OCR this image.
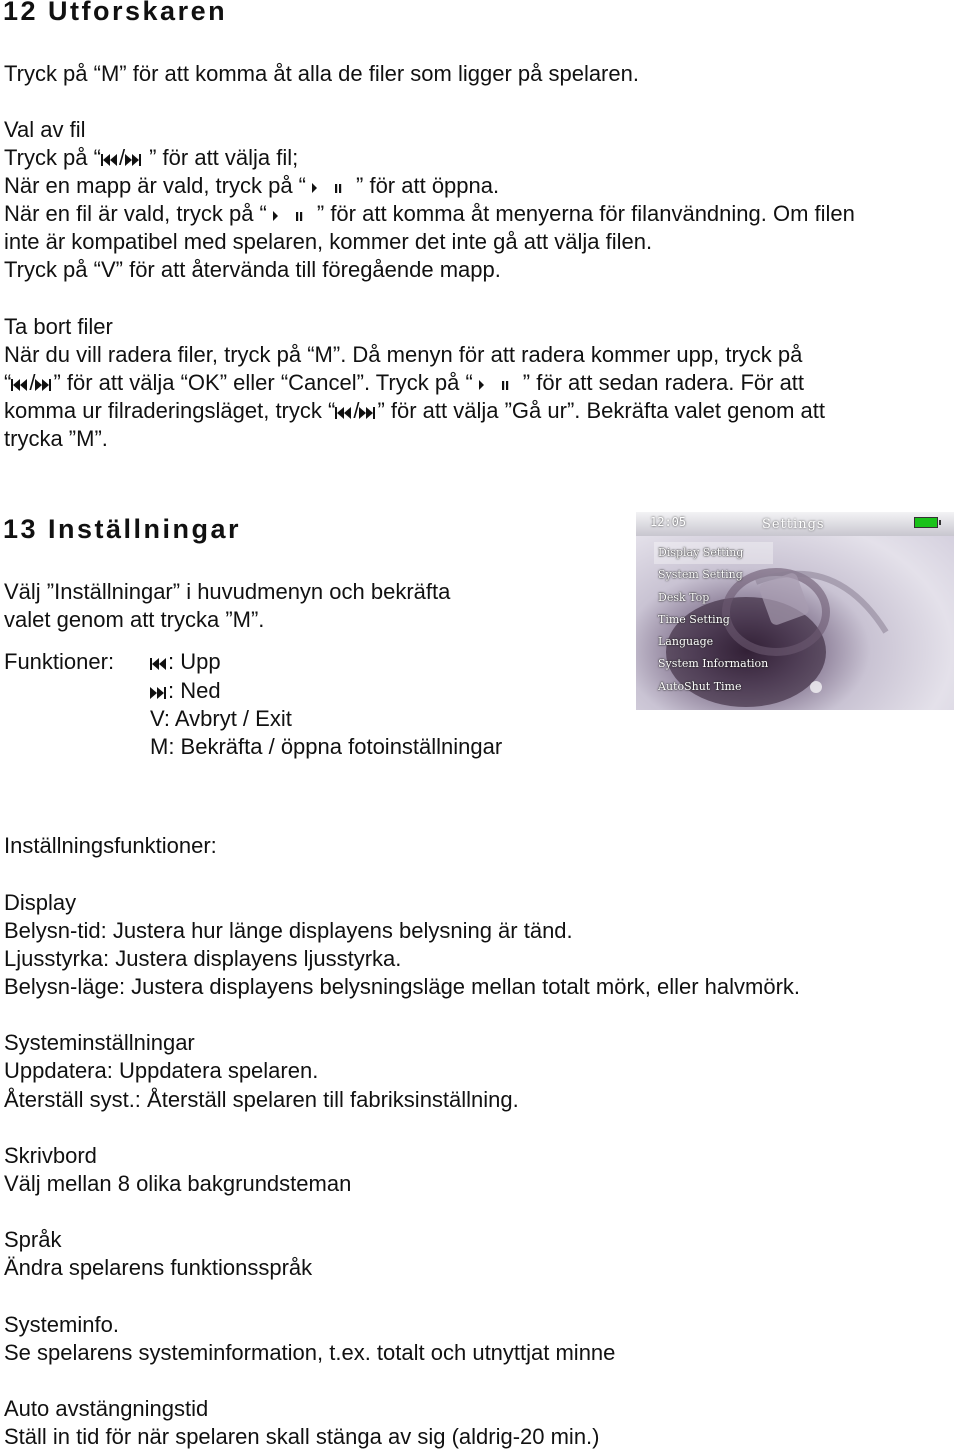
12 Utforskaren
Tryck på “M” för att komma åt alla de filer som ligger på spelaren.
Val av fil
Tryck på “ / ” för att välja fil;
När en mapp är vald, tryck på “ ” för att öppna.
När en fil är vald, tryck på “ ” för att komma åt menyerna för filanvändning. Om filen
inte är kompatibel med spelaren, kommer det inte gå att välja filen.
Tryck på “V” för att återvända till föregående mapp.
Ta bort filer
När du vill radera filer, tryck på “M”. Då menyn för att radera kommer upp, tryck på
“ / ” för att välja “OK” eller “Cancel”. Tryck på “ ” för att sedan radera. För att
komma ur filraderingsläget, tryck “ / ” för att välja ”Gå ur”. Bekräfta valet genom att
trycka ”M”.
13 Inställningar
Välj ”Inställningar” i huvudmenyn och bekräfta
valet genom att trycka ”M”.
Funktioner:	: Upp
: Ned
V: Avbryt / Exit
M: Bekräfta / öppna fotoinställningar
12:05	Settings
Display Setting
System Setting
Desk Top
Time Setting
Language
System Information
AutoShut Time
Inställningsfunktioner:
Display
Belysn-tid: Justera hur länge displayens belysning är tänd.
Ljusstyrka: Justera displayens ljusstyrka.
Belysn-läge: Justera displayens belysningsläge mellan totalt mörk, eller halvmörk.
Systeminställningar
Uppdatera: Uppdatera spelaren.
Återställ syst.: Återställ spelaren till fabriksinställning.
Skrivbord
Välj mellan 8 olika bakgrundsteman
Språk
Ändra spelarens funktionsspråk
Systeminfo.
Se spelarens systeminformation, t.ex. totalt och utnyttjat minne
Auto avstängningstid
Ställ in tid för när spelaren skall stänga av sig (aldrig-20 min.)
